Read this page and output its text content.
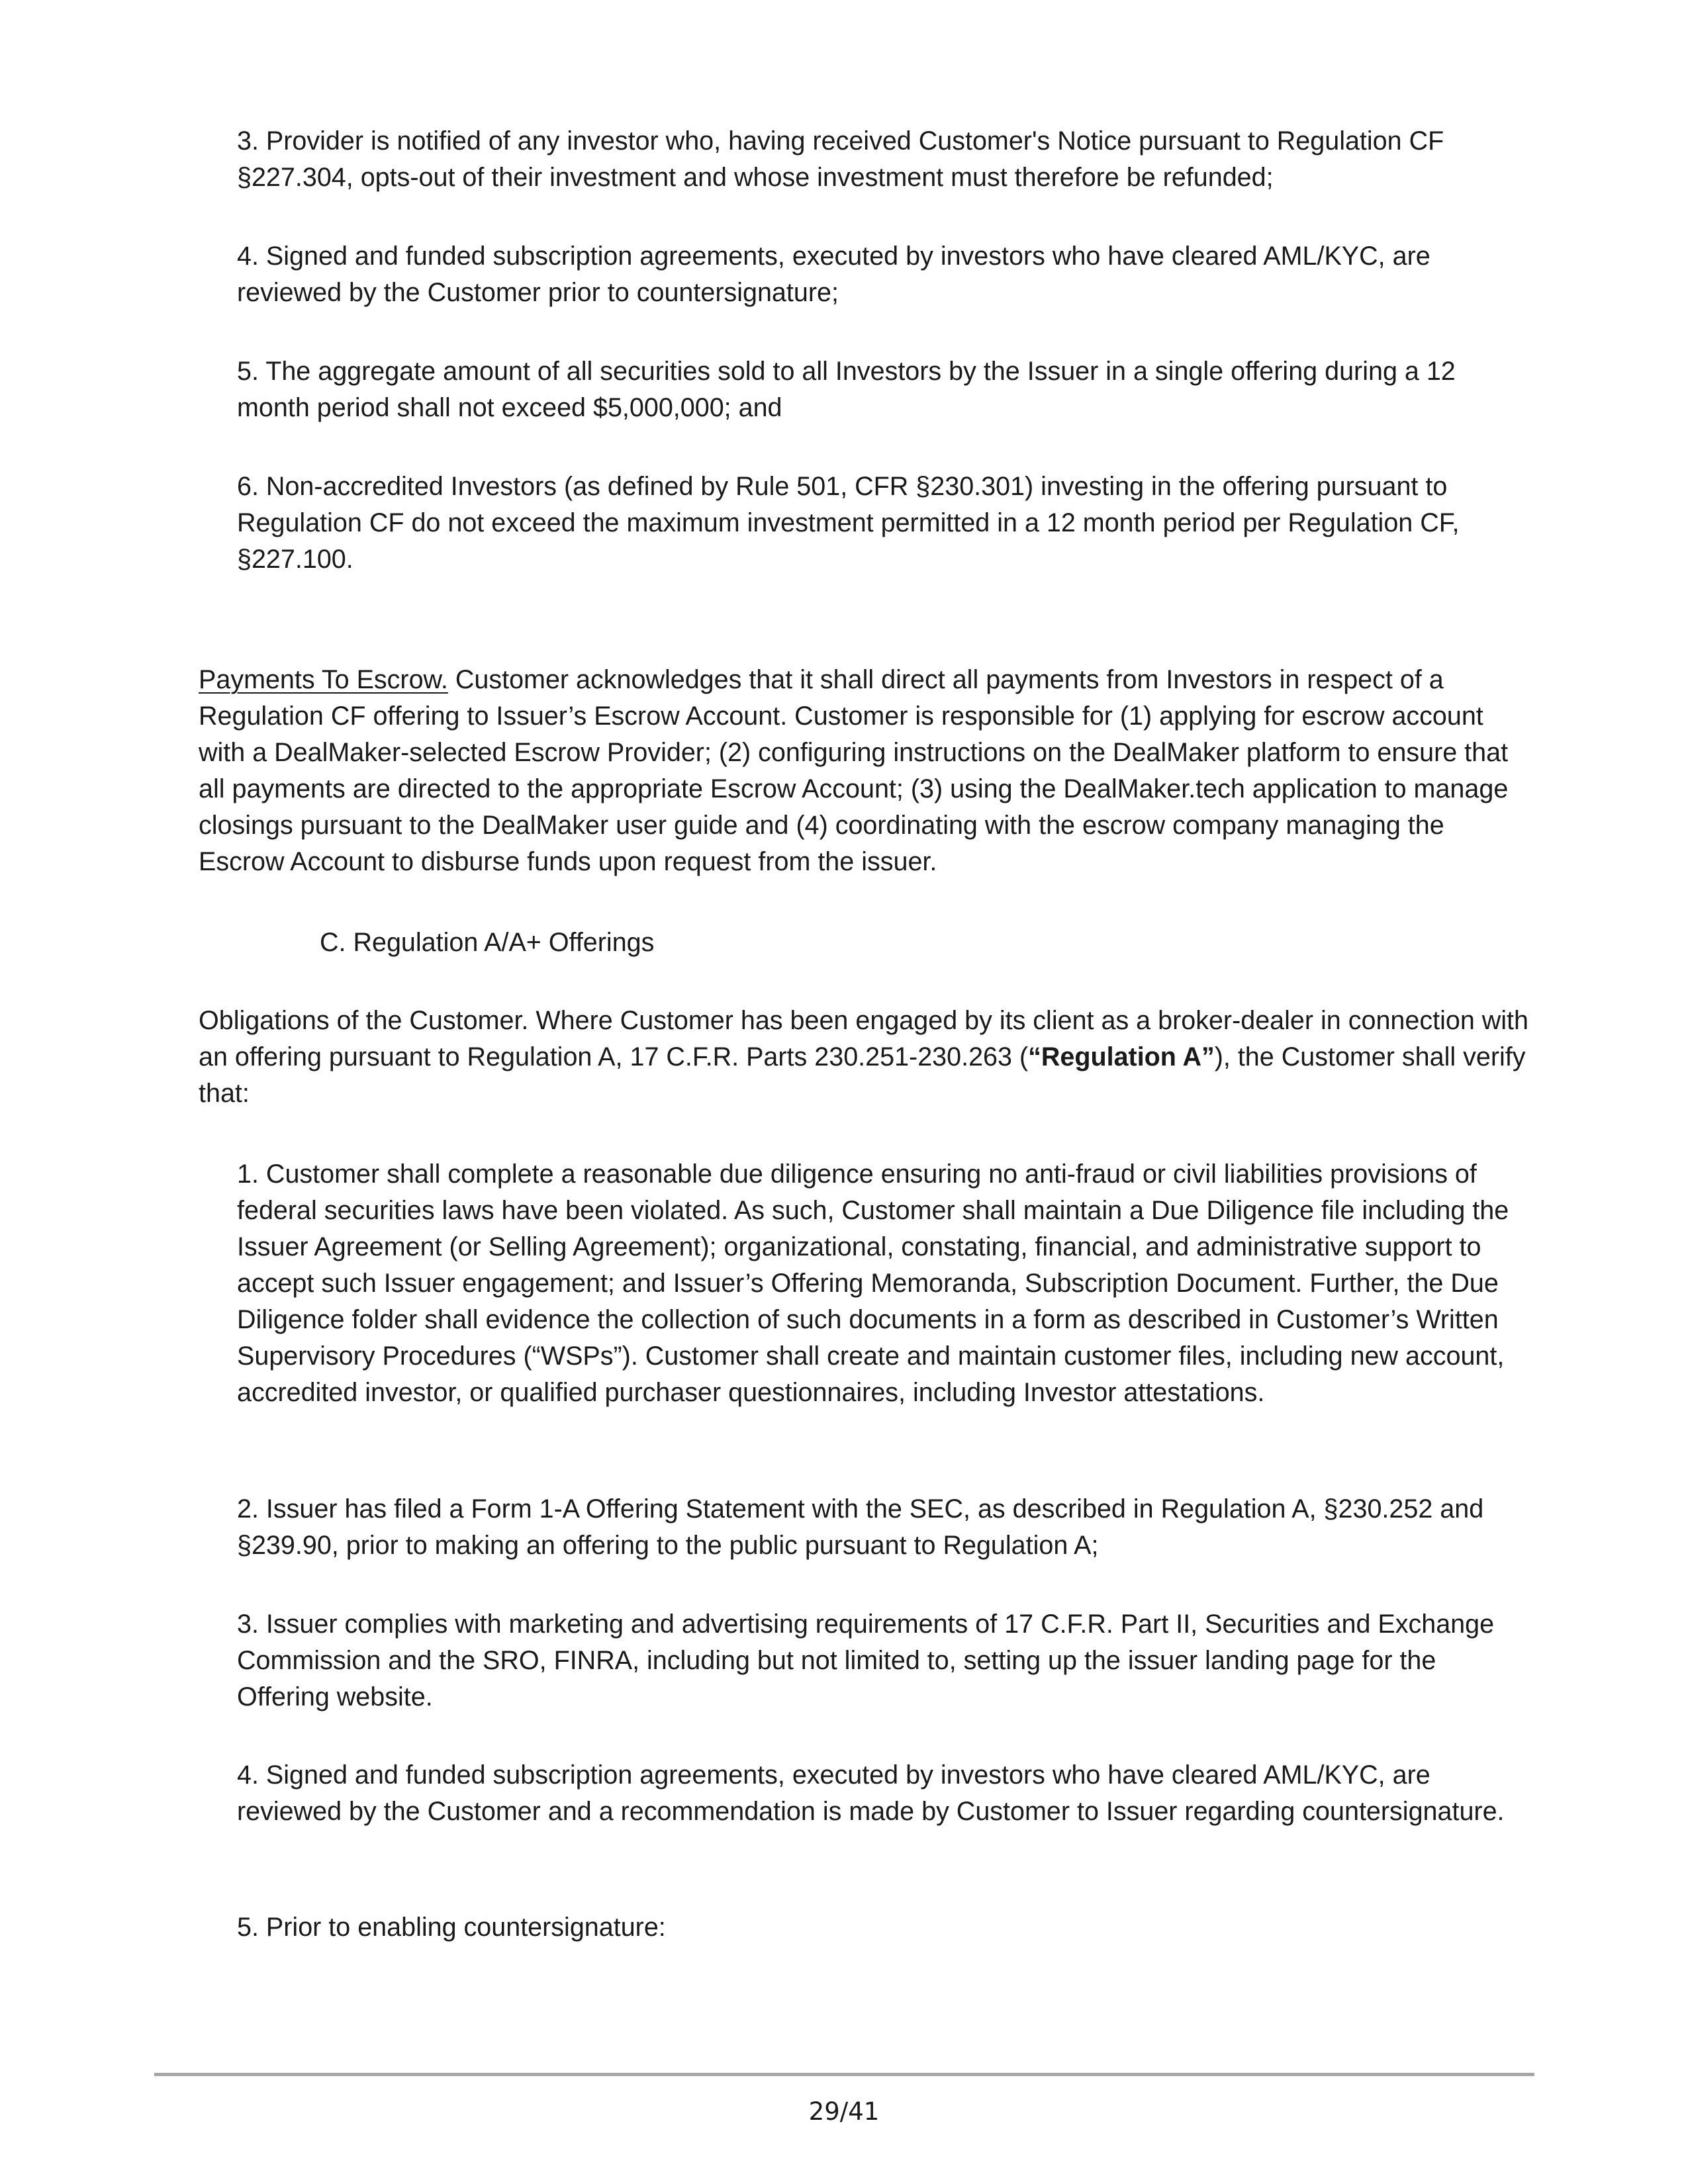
3. Provider is notified of any investor who, having received Customer's Notice pursuant to Regulation CF §227.304, opts-out of their investment and whose investment must therefore be refunded;

4. Signed and funded subscription agreements, executed by investors who have cleared AML/KYC, are reviewed by the Customer prior to countersignature;

5. The aggregate amount of all securities sold to all Investors by the Issuer in a single offering during a 12 month period shall not exceed $5,000,000; and

6. Non-accredited Investors (as defined by Rule 501, CFR §230.301) investing in the offering pursuant to Regulation CF do not exceed the maximum investment permitted in a 12 month period per Regulation CF, §227.100.

Payments To Escrow. Customer acknowledges that it shall direct all payments from Investors in respect of a Regulation CF offering to Issuer’s Escrow Account. Customer is responsible for (1) applying for escrow account with a DealMaker-selected Escrow Provider; (2) configuring instructions on the DealMaker platform to ensure that all payments are directed to the appropriate Escrow Account; (3) using the DealMaker.tech application to manage closings pursuant to the DealMaker user guide and (4) coordinating with the escrow company managing the Escrow Account to disburse funds upon request from the issuer.

C. Regulation A/A+ Offerings

Obligations of the Customer. Where Customer has been engaged by its client as a broker-dealer in connection with an offering pursuant to Regulation A, 17 C.F.R. Parts 230.251-230.263 (“Regulation A”), the Customer shall verify that:

1. Customer shall complete a reasonable due diligence ensuring no anti-fraud or civil liabilities provisions of federal securities laws have been violated. As such, Customer shall maintain a Due Diligence file including the Issuer Agreement (or Selling Agreement); organizational, constating, financial, and administrative support to accept such Issuer engagement; and Issuer’s Offering Memoranda, Subscription Document. Further, the Due Diligence folder shall evidence the collection of such documents in a form as described in Customer’s Written Supervisory Procedures (“WSPs”). Customer shall create and maintain customer files, including new account, accredited investor, or qualified purchaser questionnaires, including Investor attestations.

2. Issuer has filed a Form 1-A Offering Statement with the SEC, as described in Regulation A, §230.252 and §239.90, prior to making an offering to the public pursuant to Regulation A;

3. Issuer complies with marketing and advertising requirements of 17 C.F.R. Part II, Securities and Exchange Commission and the SRO, FINRA, including but not limited to, setting up the issuer landing page for the Offering website.

4. Signed and funded subscription agreements, executed by investors who have cleared AML/KYC, are reviewed by the Customer and a recommendation is made by Customer to Issuer regarding countersignature.

5. Prior to enabling countersignature:

29/41
